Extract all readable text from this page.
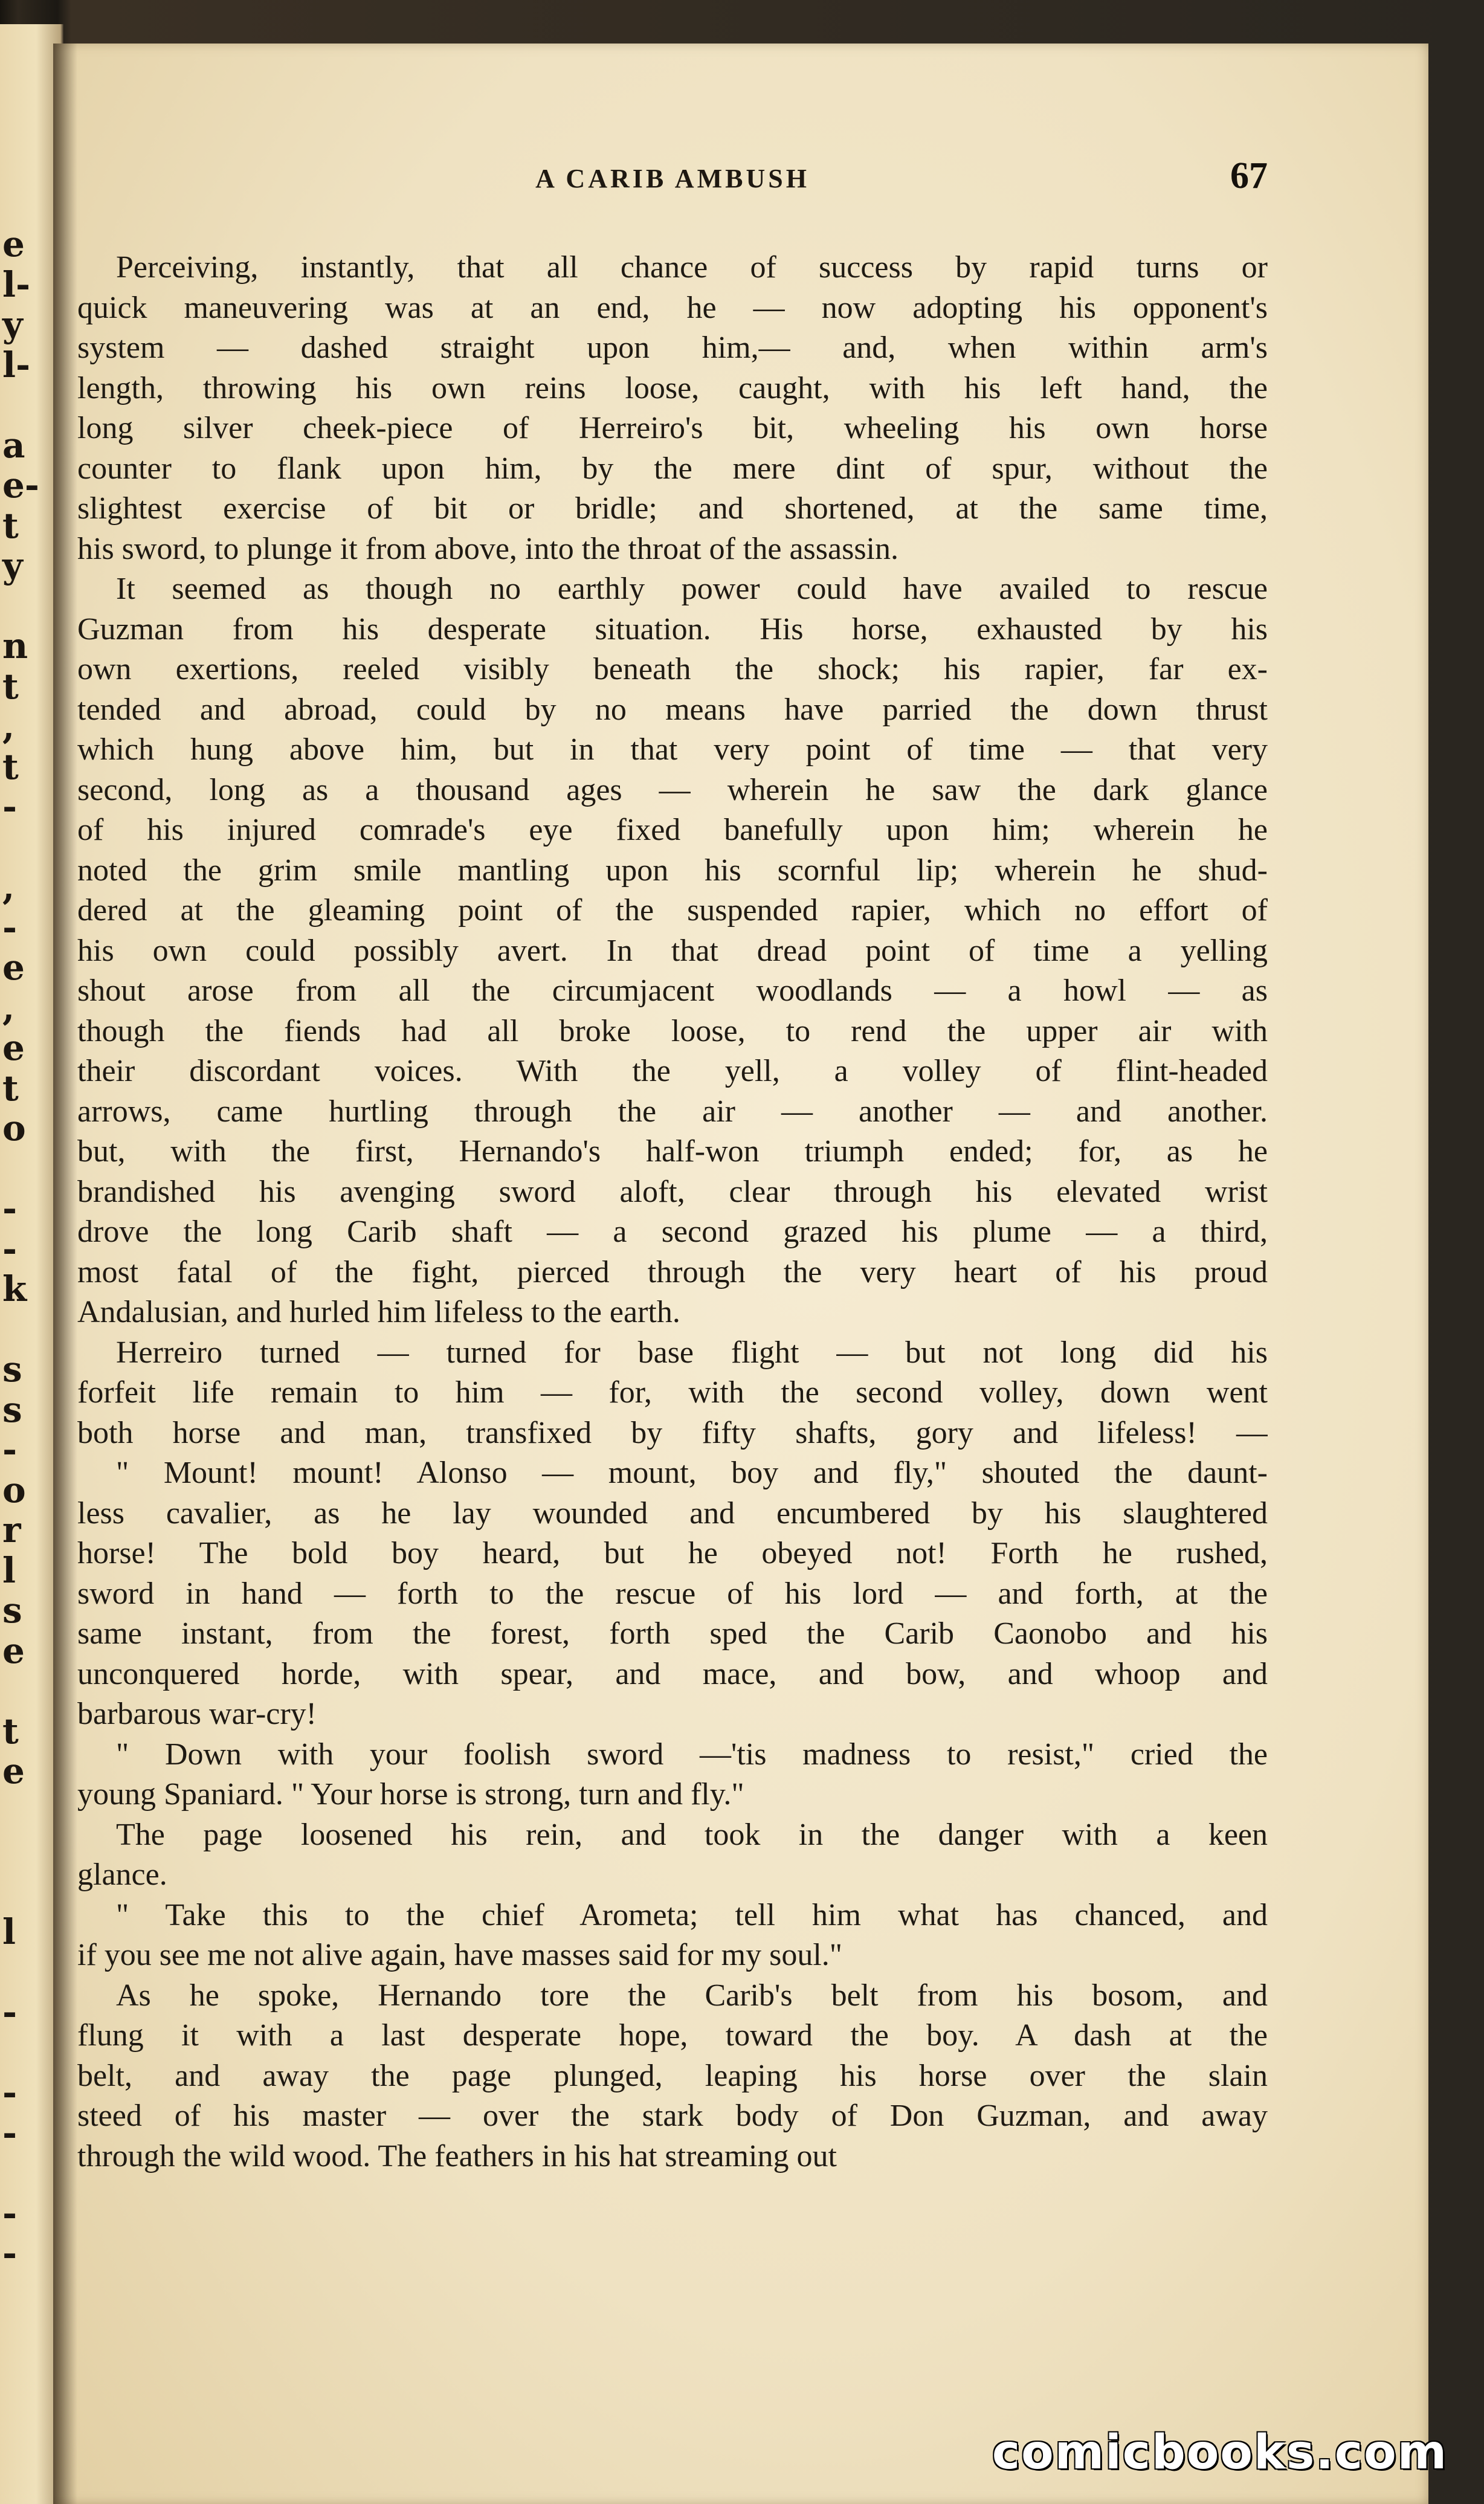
e
l-
y
l-
a
e-
t
y
n
t
,
t
-
,
-
e
,
e
t
o
-
-
k
s
s
-
o
r
l
s
e
t
e
l
-
-
-
-
-
A CARIB AMBUSH	67
Perceiving, instantly, that all chance of success by rapid turns or
quick maneuvering was at an end, he — now adopting his opponent's
system — dashed straight upon him,— and, when within arm's
length, throwing his own reins loose, caught, with his left hand, the
long silver cheek-piece of Herreiro's bit, wheeling his own horse
counter to flank upon him, by the mere dint of spur, without the
slightest exercise of bit or bridle; and shortened, at the same time,
his sword, to plunge it from above, into the throat of the assassin.
It seemed as though no earthly power could have availed to rescue
Guzman from his desperate situation. His horse, exhausted by his
own exertions, reeled visibly beneath the shock; his rapier, far ex-
tended and abroad, could by no means have parried the down thrust
which hung above him, but in that very point of time — that very
second, long as a thousand ages — wherein he saw the dark glance
of his injured comrade's eye fixed banefully upon him; wherein he
noted the grim smile mantling upon his scornful lip; wherein he shud-
dered at the gleaming point of the suspended rapier, which no effort of
his own could possibly avert. In that dread point of time a yelling
shout arose from all the circumjacent woodlands — a howl — as
though the fiends had all broke loose, to rend the upper air with
their discordant voices. With the yell, a volley of flint-headed
arrows, came hurtling through the air — another — and another.
but, with the first, Hernando's half-won triumph ended; for, as he
brandished his avenging sword aloft, clear through his elevated wrist
drove the long Carib shaft — a second grazed his plume — a third,
most fatal of the fight, pierced through the very heart of his proud
Andalusian, and hurled him lifeless to the earth.
Herreiro turned — turned for base flight — but not long did his
forfeit life remain to him — for, with the second volley, down went
both horse and man, transfixed by fifty shafts, gory and lifeless! —
" Mount! mount! Alonso — mount, boy and fly," shouted the daunt-
less cavalier, as he lay wounded and encumbered by his slaughtered
horse! The bold boy heard, but he obeyed not! Forth he rushed,
sword in hand — forth to the rescue of his lord — and forth, at the
same instant, from the forest, forth sped the Carib Caonobo and his
unconquered horde, with spear, and mace, and bow, and whoop and
barbarous war-cry!
" Down with your foolish sword —'tis madness to resist," cried the
young Spaniard. " Your horse is strong, turn and fly."
The page loosened his rein, and took in the danger with a keen
glance.
" Take this to the chief Arometa; tell him what has chanced, and
if you see me not alive again, have masses said for my soul."
As he spoke, Hernando tore the Carib's belt from his bosom, and
flung it with a last desperate hope, toward the boy. A dash at the
belt, and away the page plunged, leaping his horse over the slain
steed of his master — over the stark body of Don Guzman, and away
through the wild wood. The feathers in his hat streaming out
comicbooks.com
